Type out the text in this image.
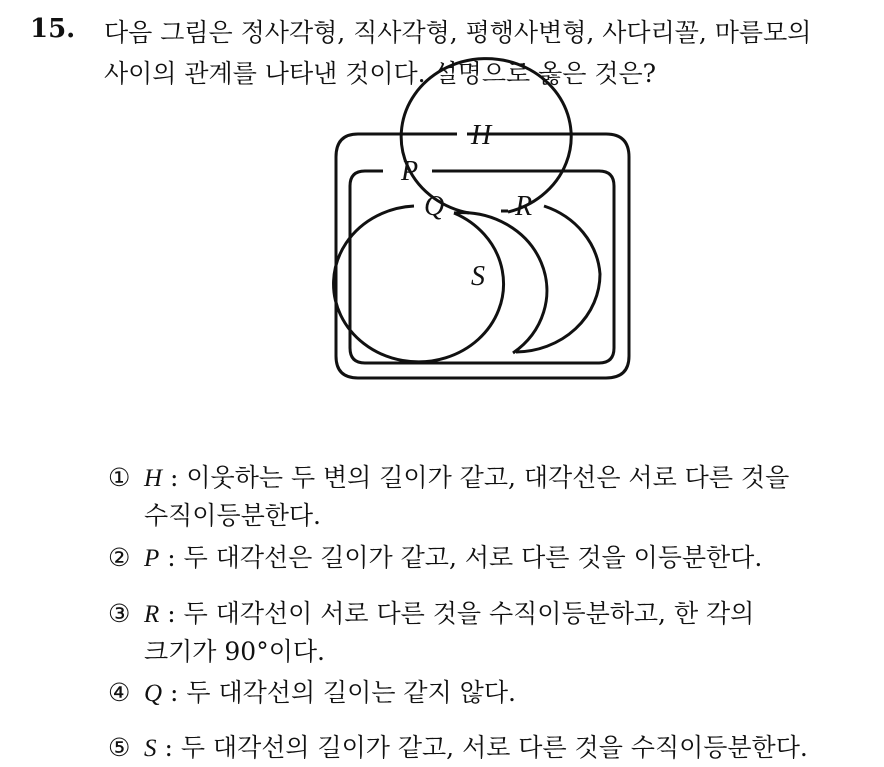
15. 다음 그림은 정사각형, 직사각형, 평행사변형, 사다리꼴, 마름모의
사이의 관계를 나타낸 것이다. 설명으로 옳은 것은?
H
P
Q	R
S
① H : 이웃하는 두 변의 길이가 같고, 대각선은 서로 다른 것을
수직이등분한다.
② P : 두 대각선은 길이가 같고, 서로 다른 것을 이등분한다.
③ R : 두 대각선이 서로 다른 것을 수직이등분하고, 한 각의
크기가 90°이다.
④ Q : 두 대각선의 길이는 같지 않다.
⑤ S : 두 대각선의 길이가 같고, 서로 다른 것을 수직이등분한다.
